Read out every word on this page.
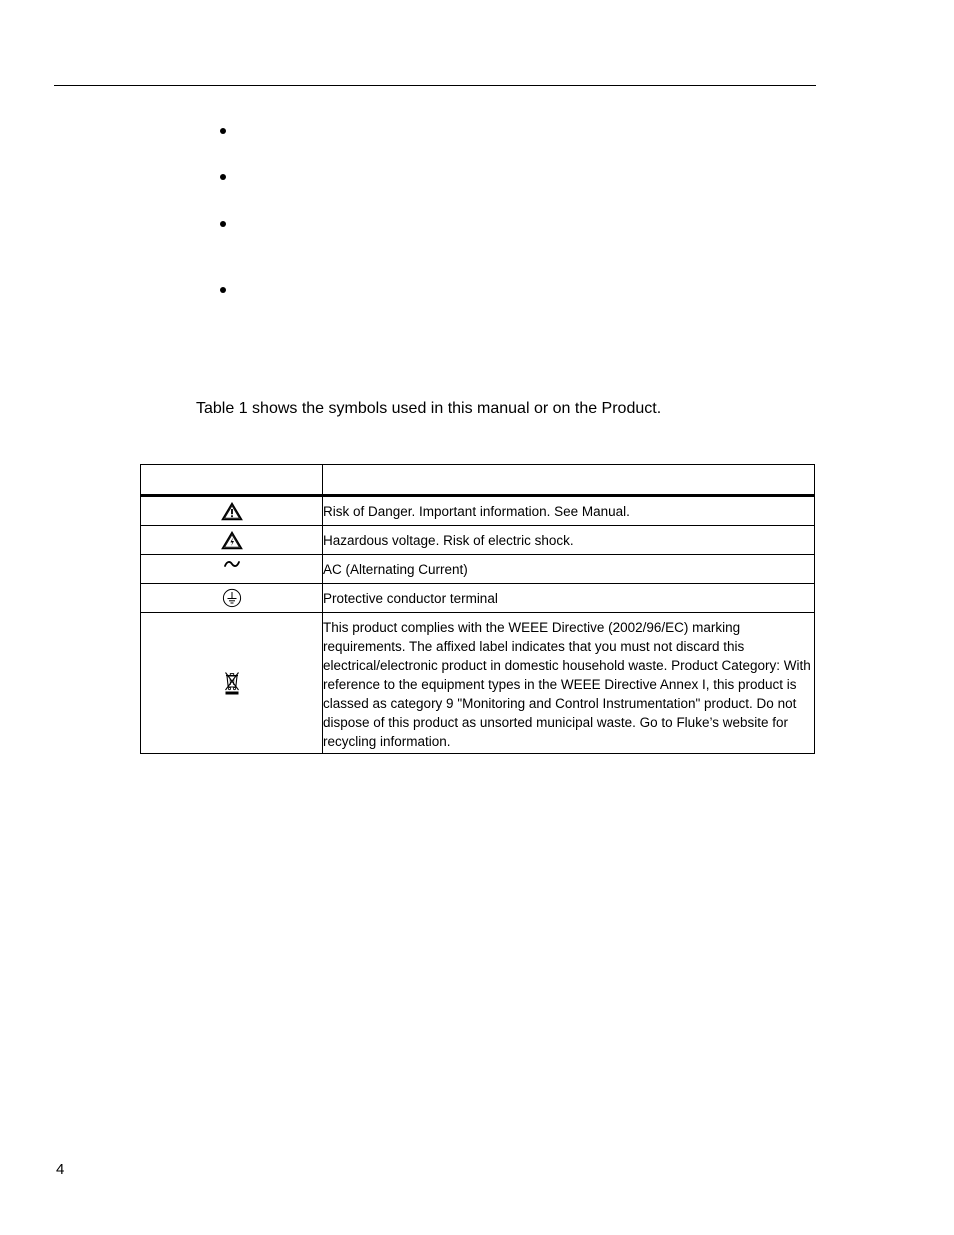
Table 1 shows the symbols used in this manual or on the Product.

	Risk of Danger. Important information. See Manual.
	Hazardous voltage. Risk of electric shock.
	AC (Alternating Current)
	Protective conductor terminal
	This product complies with the WEEE Directive (2002/96/EC) marking requirements. The affixed label indicates that you must not discard this electrical/electronic product in domestic household waste. Product Category: With reference to the equipment types in the WEEE Directive Annex I, this product is classed as category 9 "Monitoring and Control Instrumentation" product. Do not dispose of this product as unsorted municipal waste. Go to Fluke’s website for recycling information.
4
